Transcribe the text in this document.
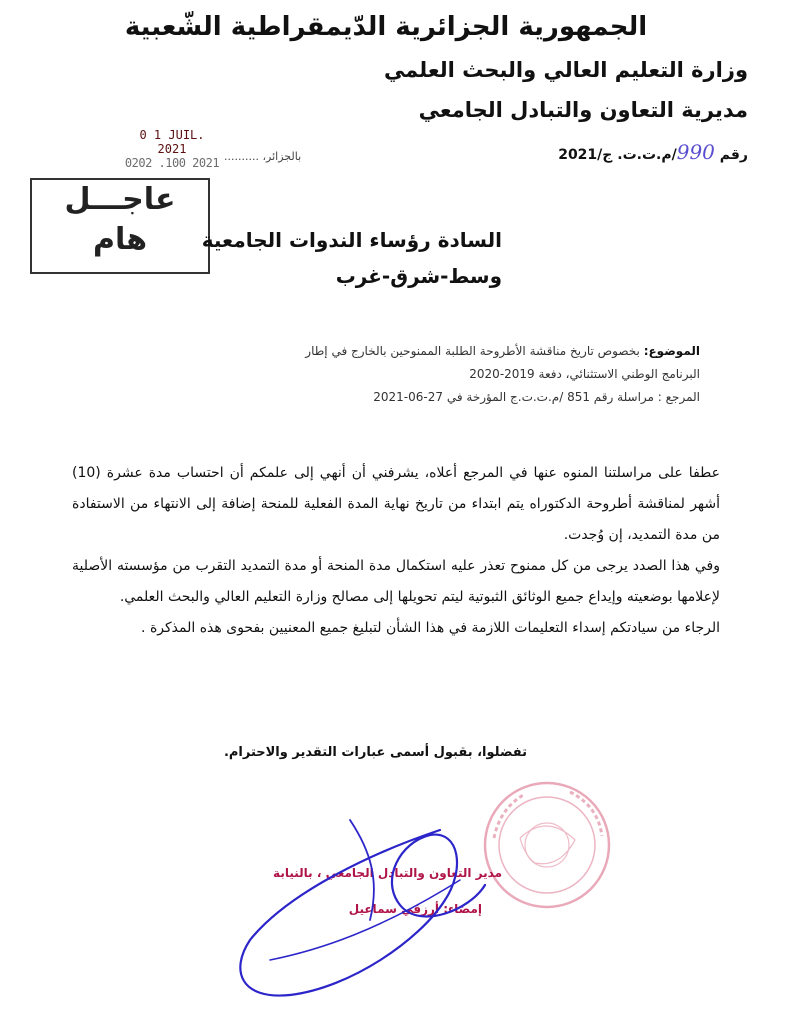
الجمهورية الجزائرية الدّيمقراطية الشّعبية
وزارة التعليم العالي والبحث العلمي
مديرية التعاون والتبادل الجامعي
رقم 990/م.ت.ت. ج/2021
0 1 JUIL. 2021
0202 .100 2021 بالجزائر، ..........
عاجـــل
هام	السادة رؤساء الندوات الجامعية
وسط-شرق-غرب
الموضوع: بخصوص تاريخ مناقشة الأطروحة الطلبة الممنوحين بالخارج في إطار
البرنامج الوطني الاستثنائي، دفعة 2019-2020
المرجع : مراسلة رقم 851 /م.ت.ت.ج المؤرخة في 27-06-2021

عطفا على مراسلتنا المنوه عنها في المرجع أعلاه، يشرفني أن أنهي إلى علمكم أن احتساب مدة عشرة (10) أشهر لمناقشة أطروحة الدكتوراه يتم ابتداء من تاريخ نهاية المدة الفعلية للمنحة إضافة إلى الانتهاء من الاستفادة من مدة التمديد، إن وُجدت.

وفي هذا الصدد يرجى من كل ممنوح تعذر عليه استكمال مدة المنحة أو مدة التمديد التقرب من مؤسسته الأصلية لإعلامها بوضعيته وإيداع جميع الوثائق الثبوتية ليتم تحويلها إلى مصالح وزارة التعليم العالي والبحث العلمي.

الرجاء من سيادتكم إسداء التعليمات اللازمة في هذا الشأن لتبليغ جميع المعنيين بفحوى هذه المذكرة .

تفضلوا، بقبول أسمى عبارات التقدير والاحترام.
مدير التعاون والتبادل الجامعي ، بالنيابة
إمضاء: أرزقي سماعيل
